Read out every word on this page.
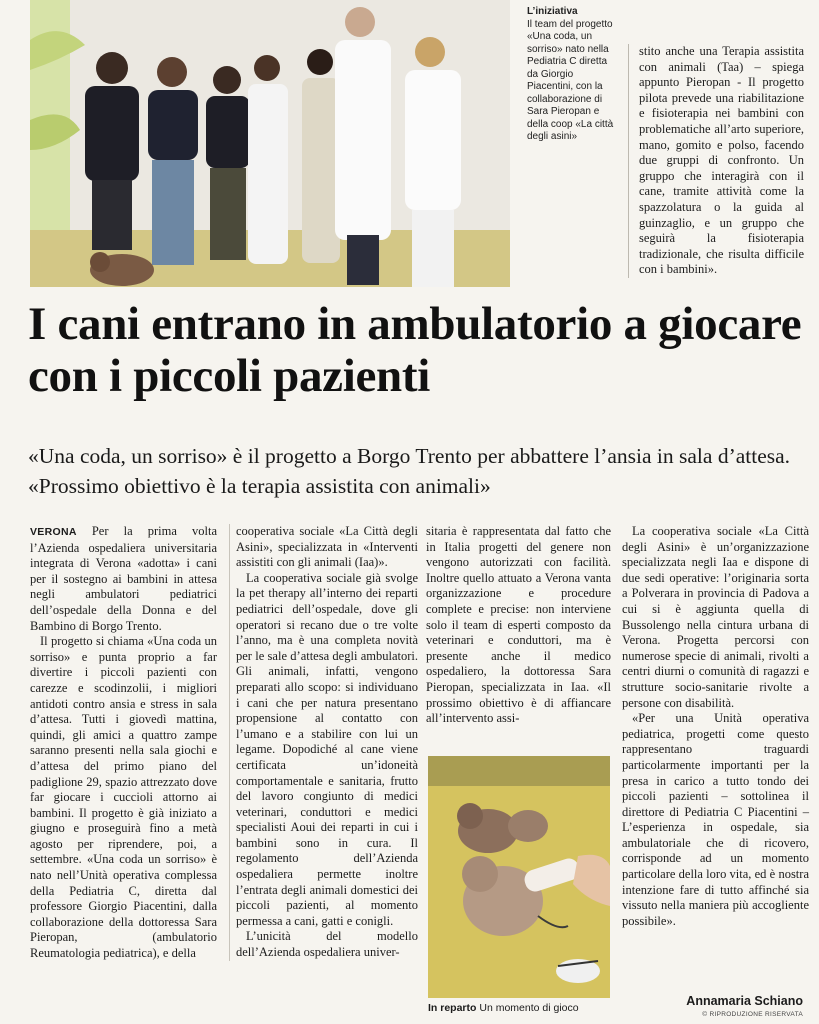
L’iniziativa
Il team del progetto «Una coda, un sorriso» nato nella Pediatria C diretta da Giorgio Piacentini, con la collaborazione di Sara Pieropan e della coop «La città degli asini»
stito anche una Terapia assistita con animali (Taa) – spiega appunto Pieropan - Il progetto pilota prevede una riabilitazione e fisioterapia nei bambini con problematiche all’arto superiore, mano, gomito e polso, facendo due gruppi di confronto. Un gruppo che interagirà con il cane, tramite attività come la spazzolatura o la guida al guinzaglio, e un gruppo che seguirà la fisioterapia tradizionale, che risulta difficile con i bambini».
I cani entrano in ambulatorio a giocare con i piccoli pazienti

«Una coda, un sorriso» è il progetto a Borgo Trento per abbattere l’ansia in sala d’attesa. «Prossimo obiettivo è la terapia assistita con animali»

VERONA Per la prima volta l’Azienda ospedaliera universitaria integrata di Verona «adotta» i cani per il sostegno ai bambini in attesa negli ambulatori pediatrici dell’ospedale della Donna e del Bambino di Borgo Trento.

Il progetto si chiama «Una coda un sorriso» e punta proprio a far divertire i piccoli pazienti con carezze e scodinzolii, i migliori antidoti contro ansia e stress in sala d’attesa. Tutti i giovedì mattina, quindi, gli amici a quattro zampe saranno presenti nella sala giochi e d’attesa del primo piano del padiglione 29, spazio attrezzato dove far giocare i cuccioli attorno ai bambini. Il progetto è già iniziato a giugno e proseguirà fino a metà agosto per riprendere, poi, a settembre. «Una coda un sorriso» è nato nell’Unità operativa complessa della Pediatria C, diretta dal professore Giorgio Piacentini, dalla collaborazione della dottoressa Sara Pieropan, (ambulatorio Reumatologia pediatrica), e della

cooperativa sociale «La Città degli Asini», specializzata in «Interventi assistiti con gli animali (Iaa)».

La cooperativa sociale già svolge la pet therapy all’interno dei reparti pediatrici dell’ospedale, dove gli operatori si recano due o tre volte l’anno, ma è una completa novità per le sale d’attesa degli ambulatori. Gli animali, infatti, vengono preparati allo scopo: si individuano i cani che per natura presentano propensione al contatto con l’umano e a stabilire con lui un legame. Dopodiché al cane viene certificata un’idoneità comportamentale e sanitaria, frutto del lavoro congiunto di medici veterinari, conduttori e medici specialisti Aoui dei reparti in cui i bambini sono in cura. Il regolamento dell’Azienda ospedaliera permette inoltre l’entrata degli animali domestici dei piccoli pazienti, al momento permessa a cani, gatti e conigli.

L’unicità del modello dell’Azienda ospedaliera univer-

sitaria è rappresentata dal fatto che in Italia progetti del genere non vengono autorizzati con facilità. Inoltre quello attuato a Verona vanta organizzazione e procedure complete e precise: non interviene solo il team di esperti composto da veterinari e conduttori, ma è presente anche il medico ospedaliero, la dottoressa Sara Pieropan, specializzata in Iaa. «Il prossimo obiettivo è di affiancare all’intervento assi-

In reparto Un momento di gioco

La cooperativa sociale «La Città degli Asini» è un’organizzazione specializzata negli Iaa e dispone di due sedi operative: l’originaria sorta a Polverara in provincia di Padova a cui si è aggiunta quella di Bussolengo nella cintura urbana di Verona. Progetta percorsi con numerose specie di animali, rivolti a centri diurni o comunità di ragazzi e strutture socio-sanitarie rivolte a persone con disabilità.

«Per una Unità operativa pediatrica, progetti come questo rappresentano traguardi particolarmente importanti per la presa in carico a tutto tondo dei piccoli pazienti – sottolinea il direttore di Pediatria C Piacentini – L’esperienza in ospedale, sia ambulatoriale che di ricovero, corrisponde ad un momento particolare della loro vita, ed è nostra intenzione fare di tutto affinché sia vissuto nella maniera più accogliente possibile».

Annamaria Schiano
© RIPRODUZIONE RISERVATA
